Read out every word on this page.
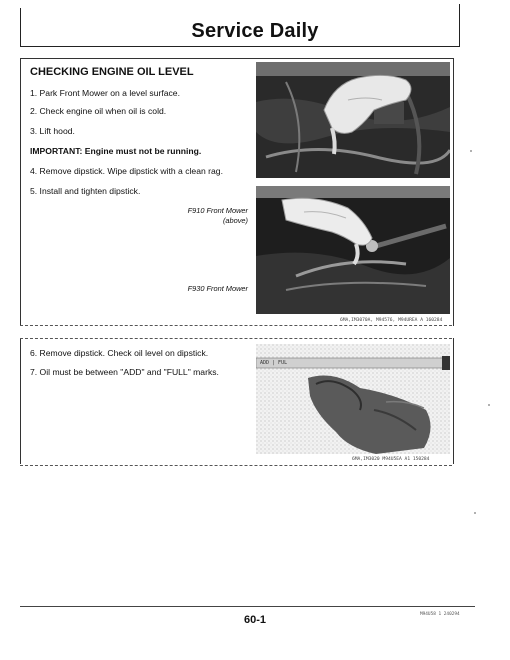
Service Daily
CHECKING ENGINE OIL LEVEL
1. Park Front Mower on a level surface.
2. Check engine oil when oil is cold.
3. Lift hood.
IMPORTANT: Engine must not be running.
4. Remove dipstick. Wipe dipstick with a clean rag.
5. Install and tighten dipstick.
F910 Front Mower
(above)
F930 Front Mower
6MA,IM3070A, M94576, M94UREA A 160284
6. Remove dipstick. Check oil level on dipstick.
7. Oil must be between "ADD" and "FULL" marks.
ADD | FUL
6MA,IM3020 M94U5EA A1 150284
60-1	M94U58 1 240294
